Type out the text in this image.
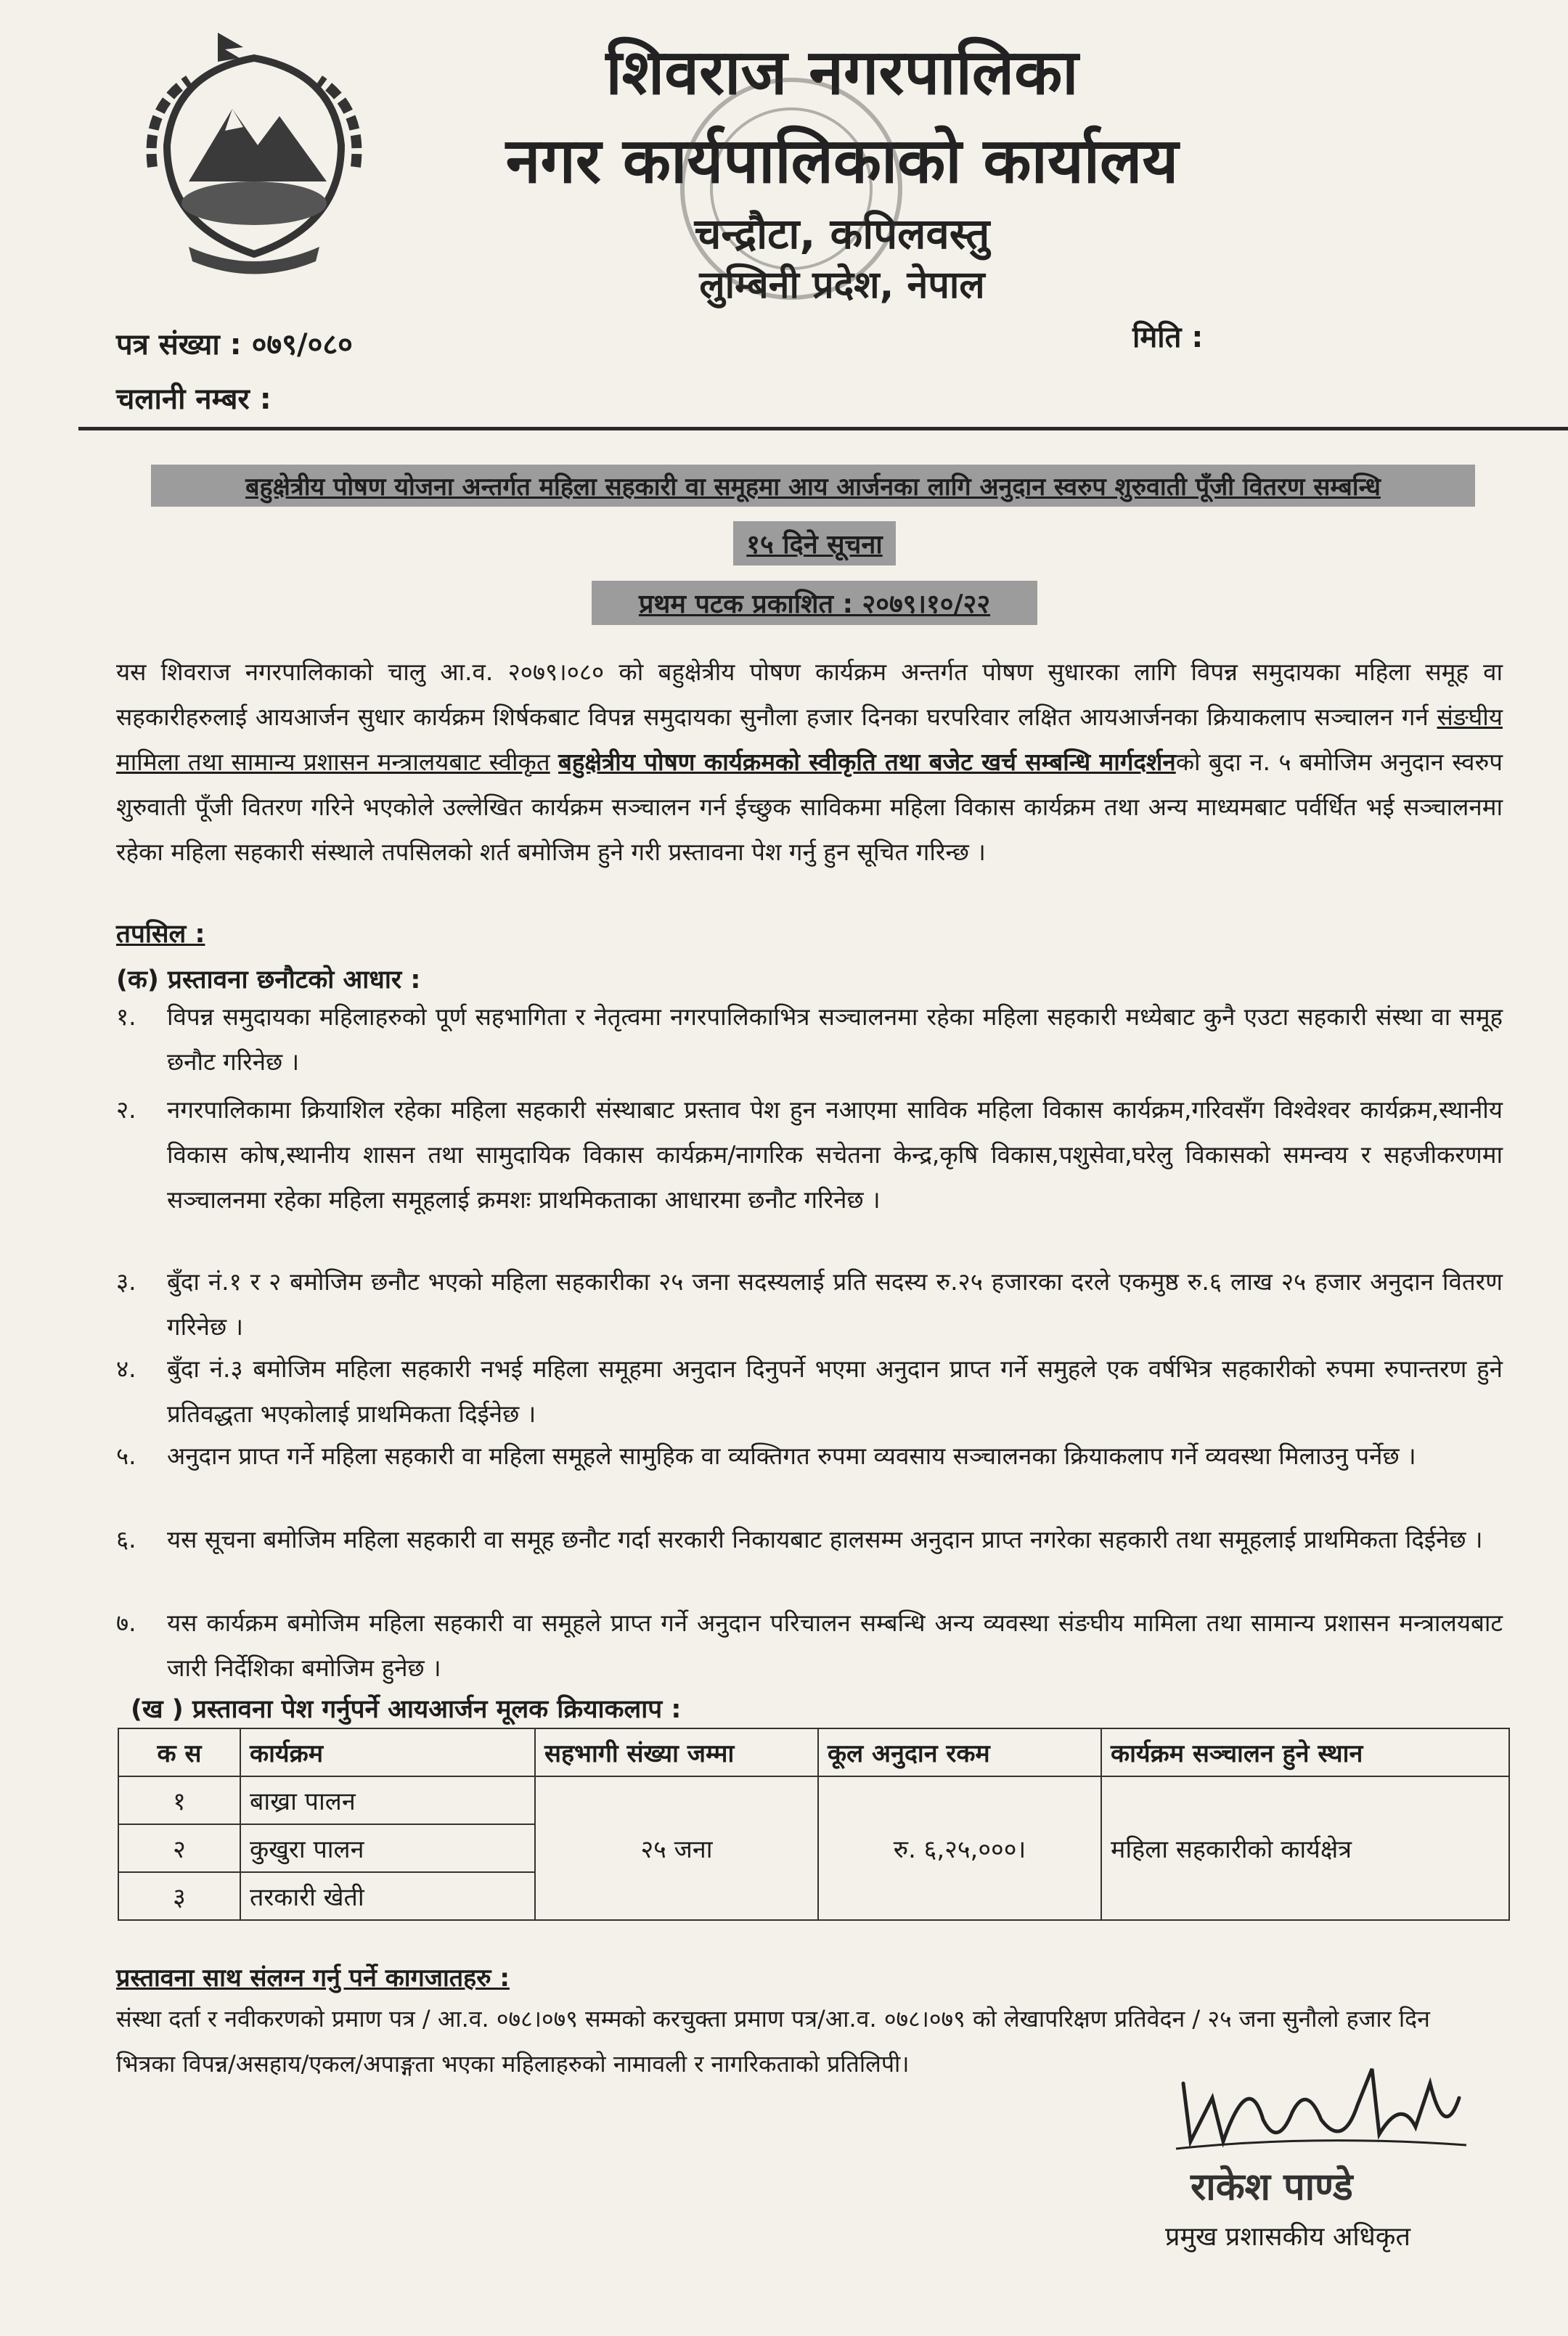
शिवराज नगरपालिका
नगर कार्यपालिकाको कार्यालय
चन्द्रौटा, कपिलवस्तु
लुम्बिनी प्रदेश, नेपाल
पत्र संख्या : ०७९/०८०
चलानी नम्बर :
मिति :
बहुक्षेत्रीय पोषण योजना अन्तर्गत महिला सहकारी वा समूहमा आय आर्जनका लागि अनुदान स्वरुप शुरुवाती पूँजी वितरण सम्बन्धि
१५ दिने सूचना
प्रथम पटक प्रकाशित : २०७९।१०/२२
यस शिवराज नगरपालिकाको चालु आ.व. २०७९।०८० को बहुक्षेत्रीय पोषण कार्यक्रम अन्तर्गत पोषण सुधारका लागि विपन्न समुदायका महिला समूह वा सहकारीहरुलाई आयआर्जन सुधार कार्यक्रम शिर्षकबाट विपन्न समुदायका सुनौला हजार दिनका घरपरिवार लक्षित आयआर्जनका क्रियाकलाप सञ्चालन गर्न संङघीय मामिला तथा सामान्य प्रशासन मन्त्रालयबाट स्वीकृत बहुक्षेत्रीय पोषण कार्यक्रमको स्वीकृति तथा बजेट खर्च सम्बन्धि मार्गदर्शनको बुदा न. ५ बमोजिम अनुदान स्वरुप शुरुवाती पूँजी वितरण गरिने भएकोले उल्लेखित कार्यक्रम सञ्चालन गर्न ईच्छुक साविकमा महिला विकास कार्यक्रम तथा अन्य माध्यमबाट पर्वर्धित भई सञ्चालनमा रहेका महिला सहकारी संस्थाले तपसिलको शर्त बमोजिम हुने गरी प्रस्तावना पेश गर्नु हुन सूचित गरिन्छ ।
तपसिल :
(क) प्रस्तावना छनौटको आधार :
१.	विपन्न समुदायका महिलाहरुको पूर्ण सहभागिता र नेतृत्वमा नगरपालिकाभित्र सञ्चालनमा रहेका महिला सहकारी मध्येबाट कुनै एउटा सहकारी संस्था वा समूह छनौट गरिनेछ ।
२.	नगरपालिकामा क्रियाशिल रहेका महिला सहकारी संस्थाबाट प्रस्ताव पेश हुन नआएमा साविक महिला विकास कार्यक्रम,गरिवसँग विश्वेश्वर कार्यक्रम,स्थानीय विकास कोष,स्थानीय शासन तथा सामुदायिक विकास कार्यक्रम/नागरिक सचेतना केन्द्र,कृषि विकास,पशुसेवा,घरेलु विकासको समन्वय र सहजीकरणमा सञ्चालनमा रहेका महिला समूहलाई क्रमशः प्राथमिकताका आधारमा छनौट गरिनेछ ।
३.	बुँदा नं.१ र २ बमोजिम छनौट भएको महिला सहकारीका २५ जना सदस्यलाई प्रति सदस्य रु.२५ हजारका दरले एकमुष्ठ रु.६ लाख २५ हजार अनुदान वितरण गरिनेछ ।
४.	बुँदा नं.३ बमोजिम महिला सहकारी नभई महिला समूहमा अनुदान दिनुपर्ने भएमा अनुदान प्राप्त गर्ने समुहले एक वर्षभित्र सहकारीको रुपमा रुपान्तरण हुने प्रतिवद्धता भएकोलाई प्राथमिकता दिईनेछ ।
५.	अनुदान प्राप्त गर्ने महिला सहकारी वा महिला समूहले सामुहिक वा व्यक्तिगत रुपमा व्यवसाय सञ्चालनका क्रियाकलाप गर्ने व्यवस्था मिलाउनु पर्नेछ ।
६.	यस सूचना बमोजिम महिला सहकारी वा समूह छनौट गर्दा सरकारी निकायबाट हालसम्म अनुदान प्राप्त नगरेका सहकारी तथा समूहलाई प्राथमिकता दिईनेछ ।
७.	यस कार्यक्रम बमोजिम महिला सहकारी वा समूहले प्राप्त गर्ने अनुदान परिचालन सम्बन्धि अन्य व्यवस्था संङघीय मामिला तथा सामान्य प्रशासन मन्त्रालयबाट जारी निर्देशिका बमोजिम हुनेछ ।
(ख ) प्रस्तावना पेश गर्नुपर्ने आयआर्जन मूलक क्रियाकलाप :
क स	कार्यक्रम	सहभागी संख्या जम्मा	कूल अनुदान रकम	कार्यक्रम सञ्चालन हुने स्थान
१	बाख्रा पालन	२५ जना	रु. ६,२५,०००।	महिला सहकारीको कार्यक्षेत्र
२	कुखुरा पालन			
३	तरकारी खेती			
प्रस्तावना साथ संलग्न गर्नु पर्ने कागजातहरु :
संस्था दर्ता र नवीकरणको प्रमाण पत्र / आ.व. ०७८।०७९ सम्मको करचुक्ता प्रमाण पत्र/आ.व. ०७८।०७९ को लेखापरिक्षण प्रतिवेदन / २५ जना सुनौलो हजार दिन भित्रका विपन्न/असहाय/एकल/अपाङ्गता भएका महिलाहरुको नामावली र नागरिकताको प्रतिलिपी।
राकेश पाण्डे
प्रमुख प्रशासकीय अधिकृत
